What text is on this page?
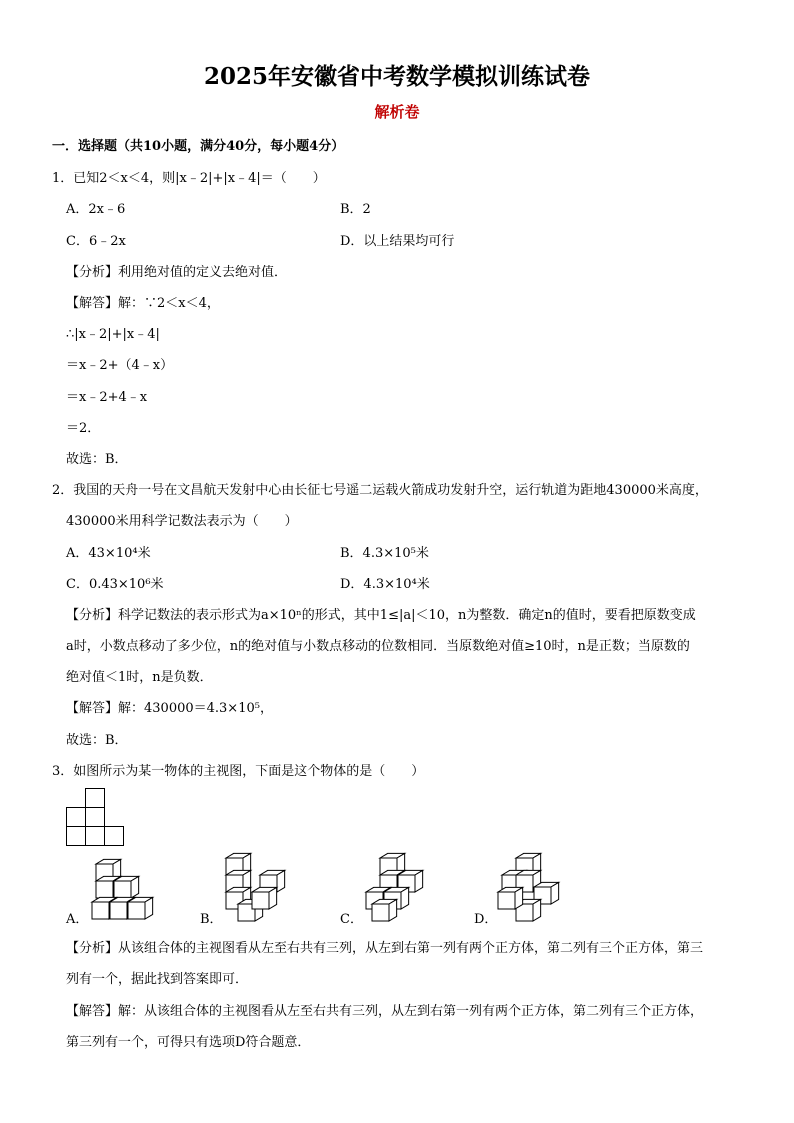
2025年安徽省中考数学模拟训练试卷
解析卷
一．选择题（共10小题，满分40分，每小题4分）
1．已知2＜x＜4，则|x﹣2|+|x﹣4|＝（　　）
A．2x﹣6	B．2
C．6﹣2x	D．以上结果均可行
【分析】利用绝对值的定义去绝对值．
【解答】解：∵2＜x＜4，
∴|x﹣2|+|x﹣4|
＝x﹣2+（4﹣x）
＝x﹣2+4﹣x
＝2．
故选：B．
2．我国的天舟一号在文昌航天发射中心由长征七号遥二运载火箭成功发射升空，运行轨道为距地430000米高度，
430000米用科学记数法表示为（　　）
A．43×10⁴米	B．4.3×10⁵米
C．0.43×10⁶米	D．4.3×10⁴米
【分析】科学记数法的表示形式为a×10ⁿ的形式，其中1≤|a|＜10，n为整数．确定n的值时，要看把原数变成
a时，小数点移动了多少位，n的绝对值与小数点移动的位数相同．当原数绝对值≥10时，n是正数；当原数的
绝对值＜1时，n是负数．
【解答】解：430000＝4.3×10⁵，
故选：B．
3．如图所示为某一物体的主视图，下面是这个物体的是（　　）
A．	B．	C．	D．
【分析】从该组合体的主视图看从左至右共有三列，从左到右第一列有两个正方体，第二列有三个正方体，第三
列有一个，据此找到答案即可．
【解答】解：从该组合体的主视图看从左至右共有三列，从左到右第一列有两个正方体，第二列有三个正方体，
第三列有一个，可得只有选项D符合题意．
